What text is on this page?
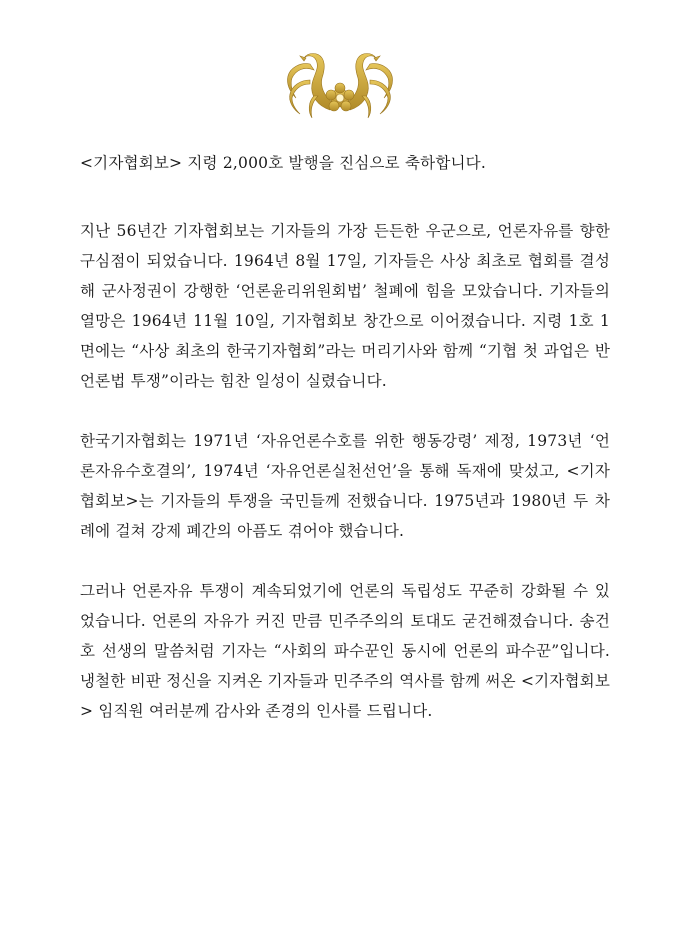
<기자협회보> 지령 2,000호 발행을 진심으로 축하합니다.

지난 56년간 기자협회보는 기자들의 가장 든든한 우군으로, 언론자유를 향한 구심점이 되었습니다. 1964년 8월 17일, 기자들은 사상 최초로 협회를 결성해 군사정권이 강행한 ‘언론윤리위원회법’ 철폐에 힘을 모았습니다. 기자들의 열망은 1964년 11월 10일, 기자협회보 창간으로 이어졌습니다. 지령 1호 1면에는 “사상 최초의 한국기자협회”라는 머리기사와 함께 “기협 첫 과업은 반 언론법 투쟁”이라는 힘찬 일성이 실렸습니다.

한국기자협회는 1971년 ‘자유언론수호를 위한 행동강령’ 제정, 1973년 ‘언론자유수호결의’, 1974년 ‘자유언론실천선언’을 통해 독재에 맞섰고, <기자협회보>는 기자들의 투쟁을 국민들께 전했습니다. 1975년과 1980년 두 차례에 걸쳐 강제 폐간의 아픔도 겪어야 했습니다.

그러나 언론자유 투쟁이 계속되었기에 언론의 독립성도 꾸준히 강화될 수 있었습니다. 언론의 자유가 커진 만큼 민주주의의 토대도 굳건해졌습니다. 송건호 선생의 말씀처럼 기자는 “사회의 파수꾼인 동시에 언론의 파수꾼”입니다. 냉철한 비판 정신을 지켜온 기자들과 민주주의 역사를 함께 써온 <기자협회보> 임직원 여러분께 감사와 존경의 인사를 드립니다.
